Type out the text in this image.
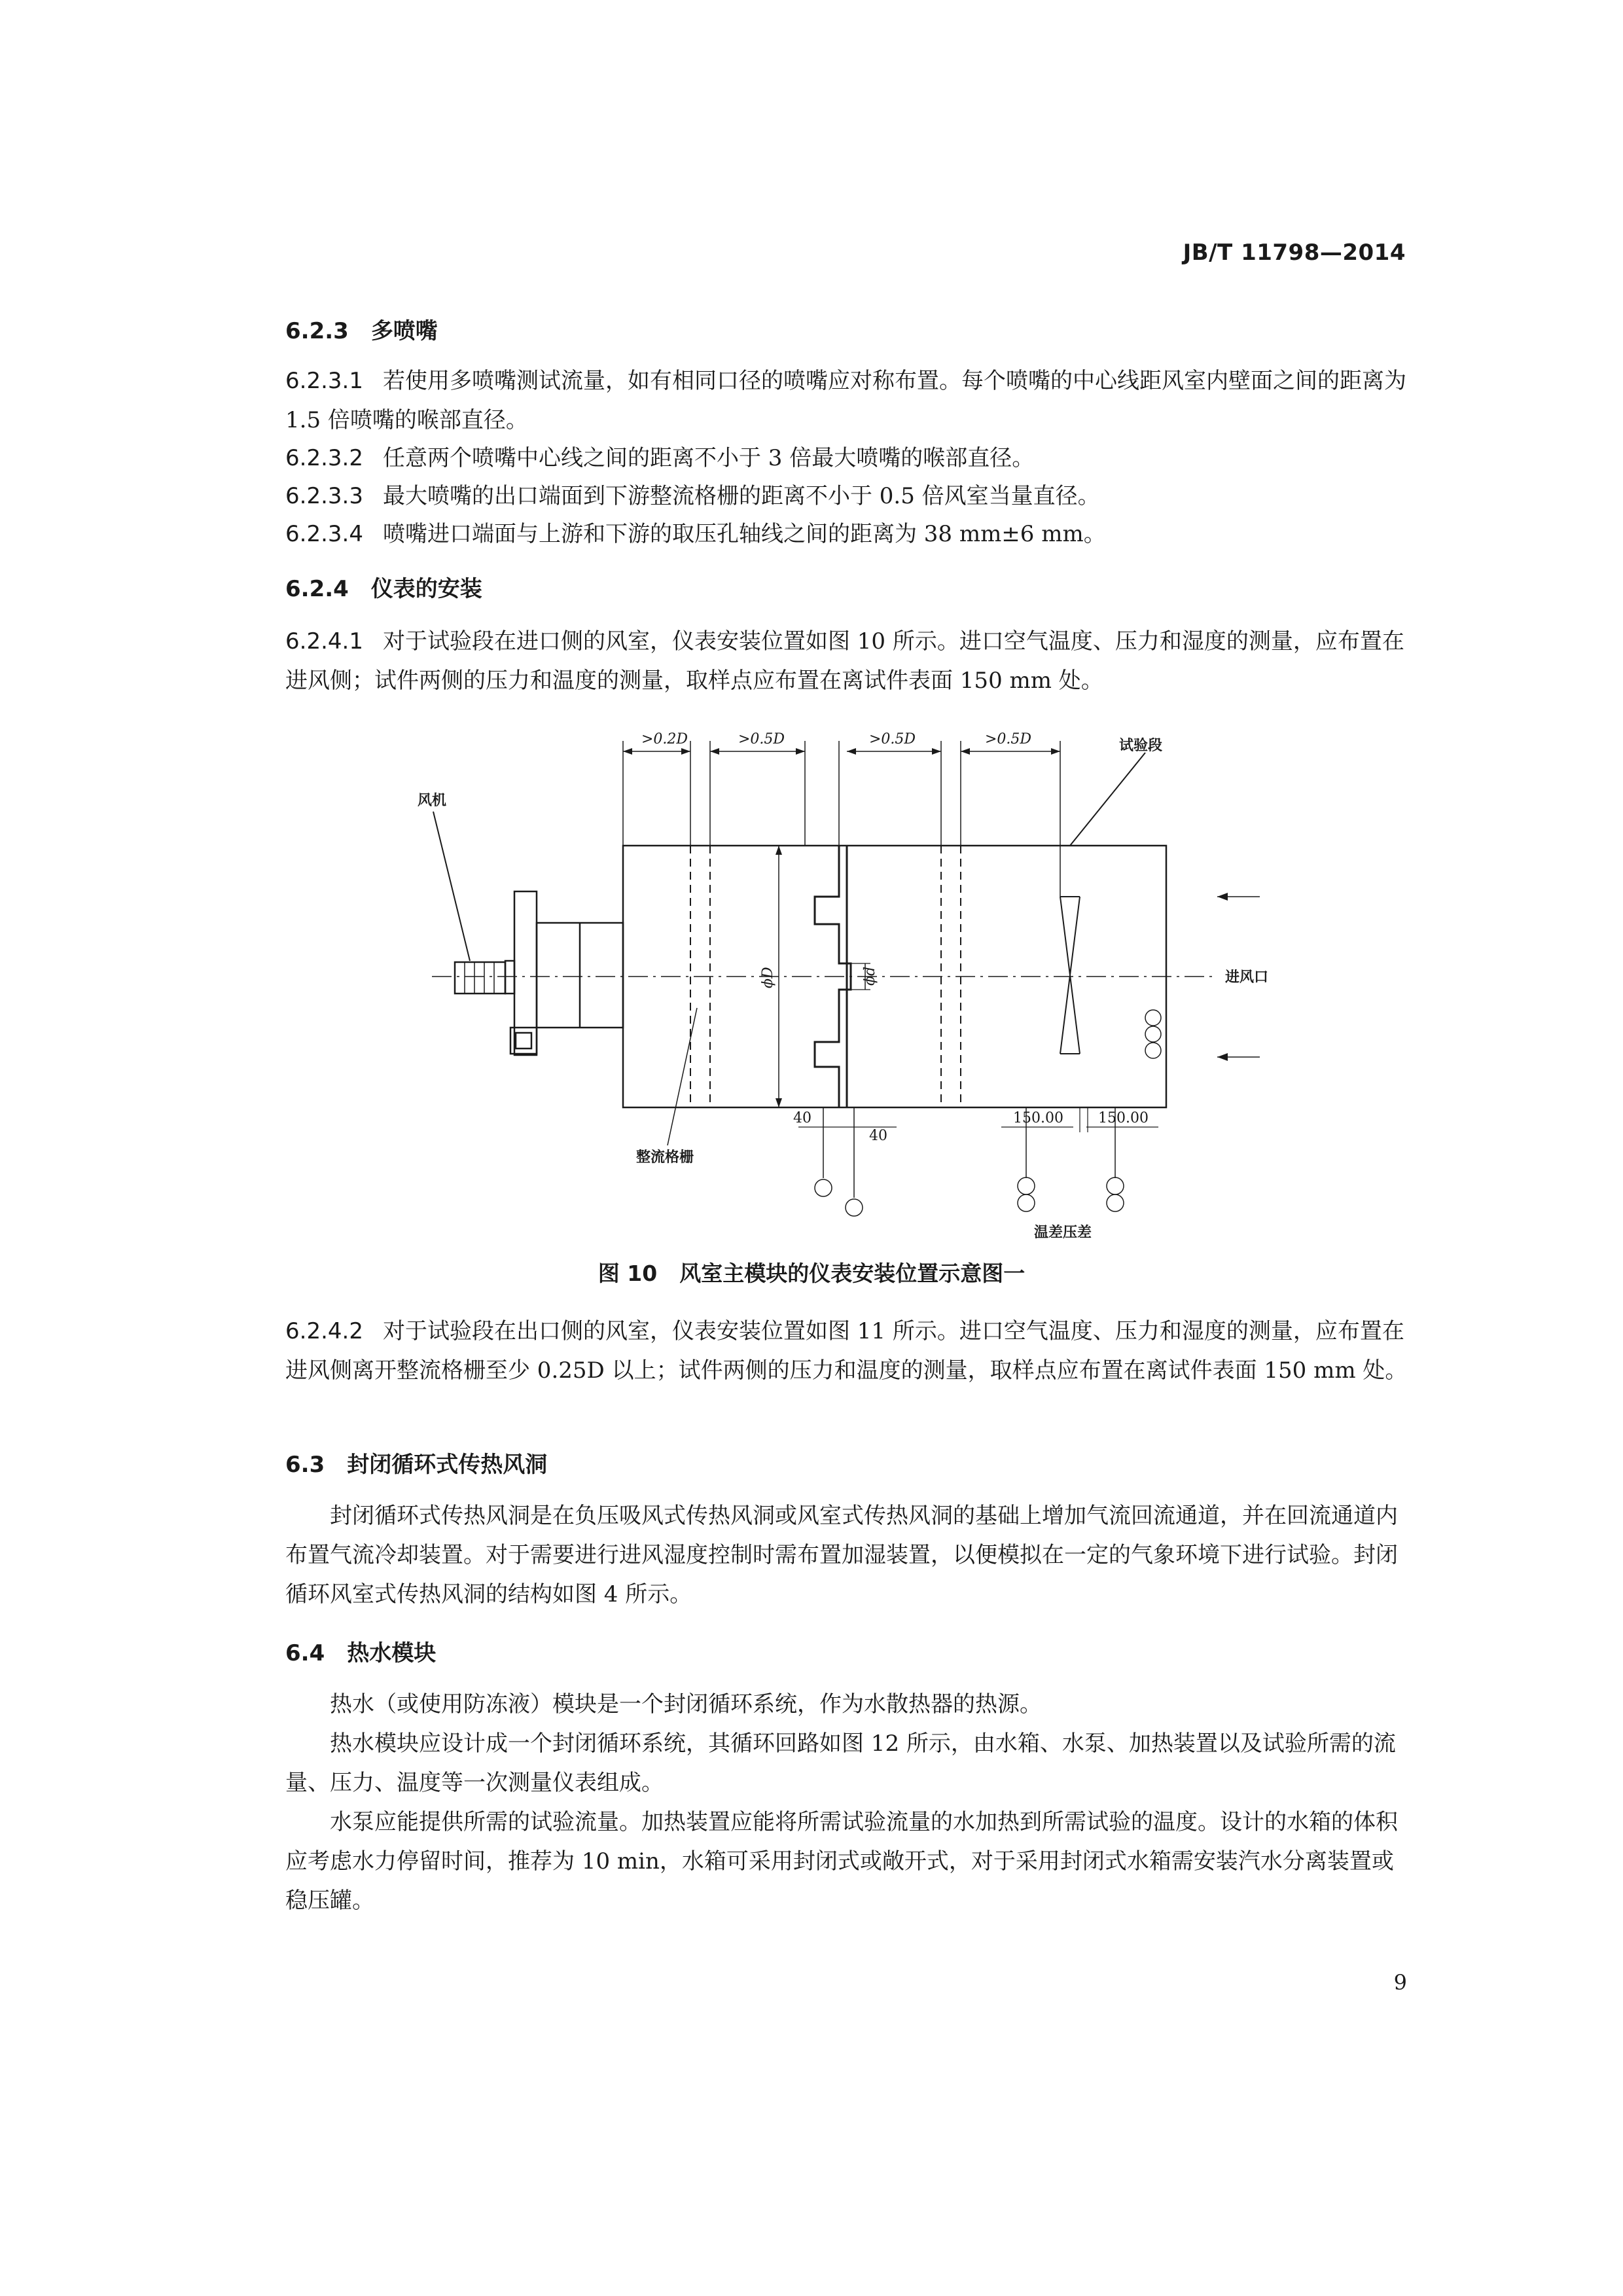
JB/T 11798—2014

6.2.3 多喷嘴

6.2.3.1 若使用多喷嘴测试流量，如有相同口径的喷嘴应对称布置。每个喷嘴的中心线距风室内壁面之间的距离为 1.5 倍喷嘴的喉部直径。

6.2.3.2 任意两个喷嘴中心线之间的距离不小于 3 倍最大喷嘴的喉部直径。

6.2.3.3 最大喷嘴的出口端面到下游整流格栅的距离不小于 0.5 倍风室当量直径。

6.2.3.4 喷嘴进口端面与上游和下游的取压孔轴线之间的距离为 38 mm±6 mm。

6.2.4 仪表的安装

6.2.4.1 对于试验段在进口侧的风室，仪表安装位置如图 10 所示。进口空气温度、压力和湿度的测量，应布置在进风侧；试件两侧的压力和温度的测量，取样点应布置在离试件表面 150 mm 处。

>0.2D	>0.5D	>0.5D	>0.5D	试验段
风机
进风口
ϕD	ϕd
整流格栅
40
40
150.00 150.00
温差压差
图 10 风室主模块的仪表安装位置示意图一

6.2.4.2 对于试验段在出口侧的风室，仪表安装位置如图 11 所示。进口空气温度、压力和湿度的测量，应布置在进风侧离开整流格栅至少 0.25D 以上；试件两侧的压力和温度的测量，取样点应布置在离试件表面 150 mm 处。

6.3 封闭循环式传热风洞

封闭循环式传热风洞是在负压吸风式传热风洞或风室式传热风洞的基础上增加气流回流通道，并在回流通道内布置气流冷却装置。对于需要进行进风湿度控制时需布置加湿装置，以便模拟在一定的气象环境下进行试验。封闭循环风室式传热风洞的结构如图 4 所示。

6.4 热水模块

热水（或使用防冻液）模块是一个封闭循环系统，作为水散热器的热源。

热水模块应设计成一个封闭循环系统，其循环回路如图 12 所示，由水箱、水泵、加热装置以及试验所需的流量、压力、温度等一次测量仪表组成。

水泵应能提供所需的试验流量。加热装置应能将所需试验流量的水加热到所需试验的温度。设计的水箱的体积应考虑水力停留时间，推荐为 10 min，水箱可采用封闭式或敞开式，对于采用封闭式水箱需安装汽水分离装置或稳压罐。

9
